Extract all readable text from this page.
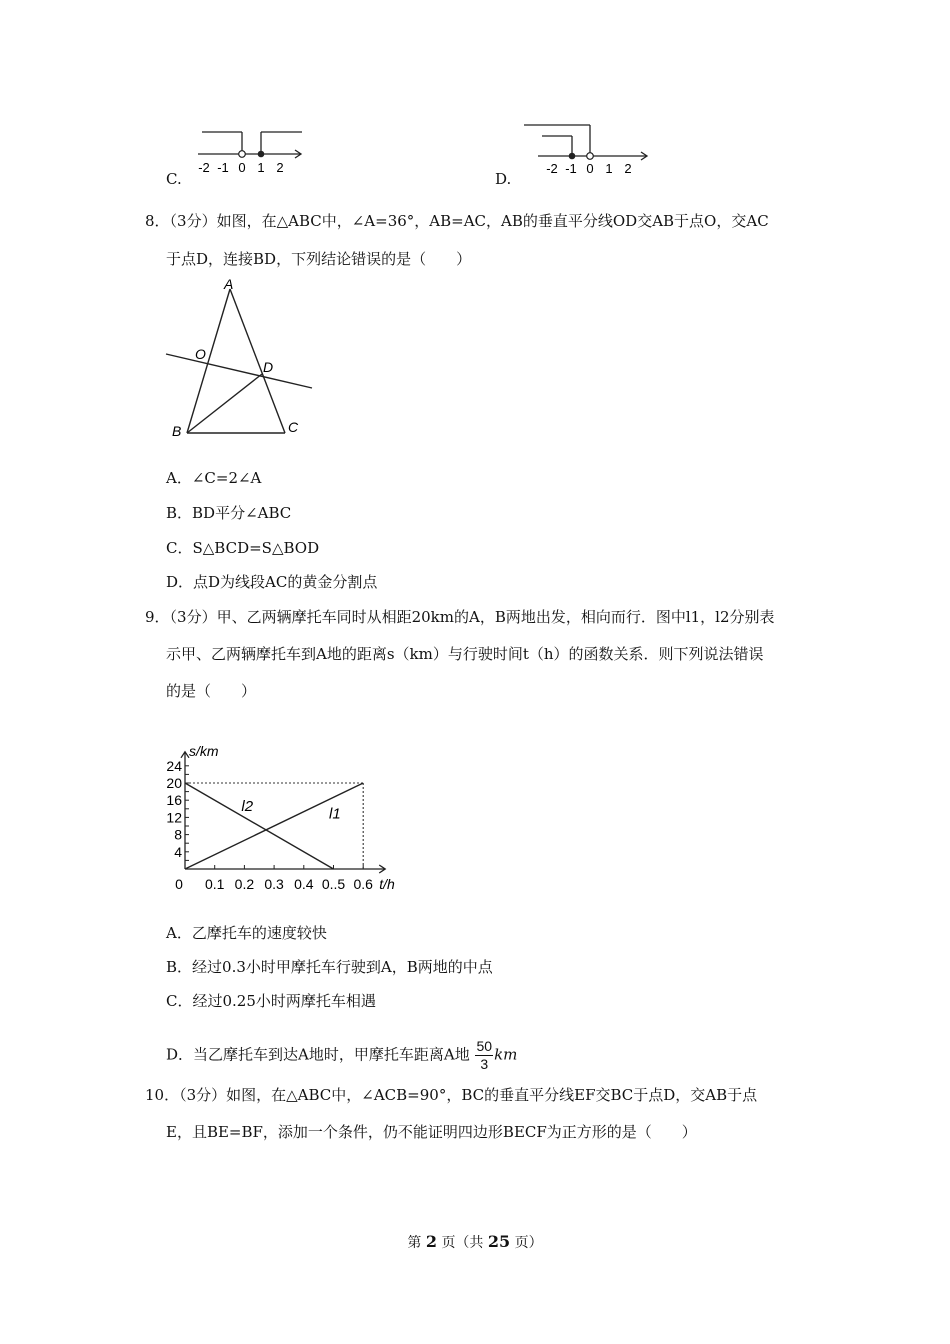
C.
-2 -1 0 1 2
D.
-2 -1 0 1 2
8．（3分）如图，在△ABC中，∠A=36°，AB=AC，AB的垂直平分线OD交AB于点O，交AC
于点D，连接BD，下列结论错误的是（　　）
A
O
D
B	C
A．∠C=2∠A
B．BD平分∠ABC
C．S△BCD=S△BOD
D．点D为线段AC的黄金分割点
9．（3分）甲、乙两辆摩托车同时从相距20km的A，B两地出发，相向而行．图中l1，l2分别表
示甲、乙两辆摩托车到A地的距离s（km）与行驶时间t（h）的函数关系．则下列说法错误
的是（　　）
4
8
12
16
20
24
0 0.1 0.2 0.3 0.4 0..5 0.6
s/km
t/h
l1
l2
A．乙摩托车的速度较快
B．经过0.3小时甲摩托车行驶到A，B两地的中点
C．经过0.25小时两摩托车相遇
D．当乙摩托车到达A地时，甲摩托车距离A地 $\frac{50}{3}$ km
10．（3分）如图，在△ABC中，∠ACB=90°，BC的垂直平分线EF交BC于点D，交AB于点
E，且BE=BF，添加一个条件，仍不能证明四边形BECF为正方形的是（　　）
第 2 页（共 25 页）
